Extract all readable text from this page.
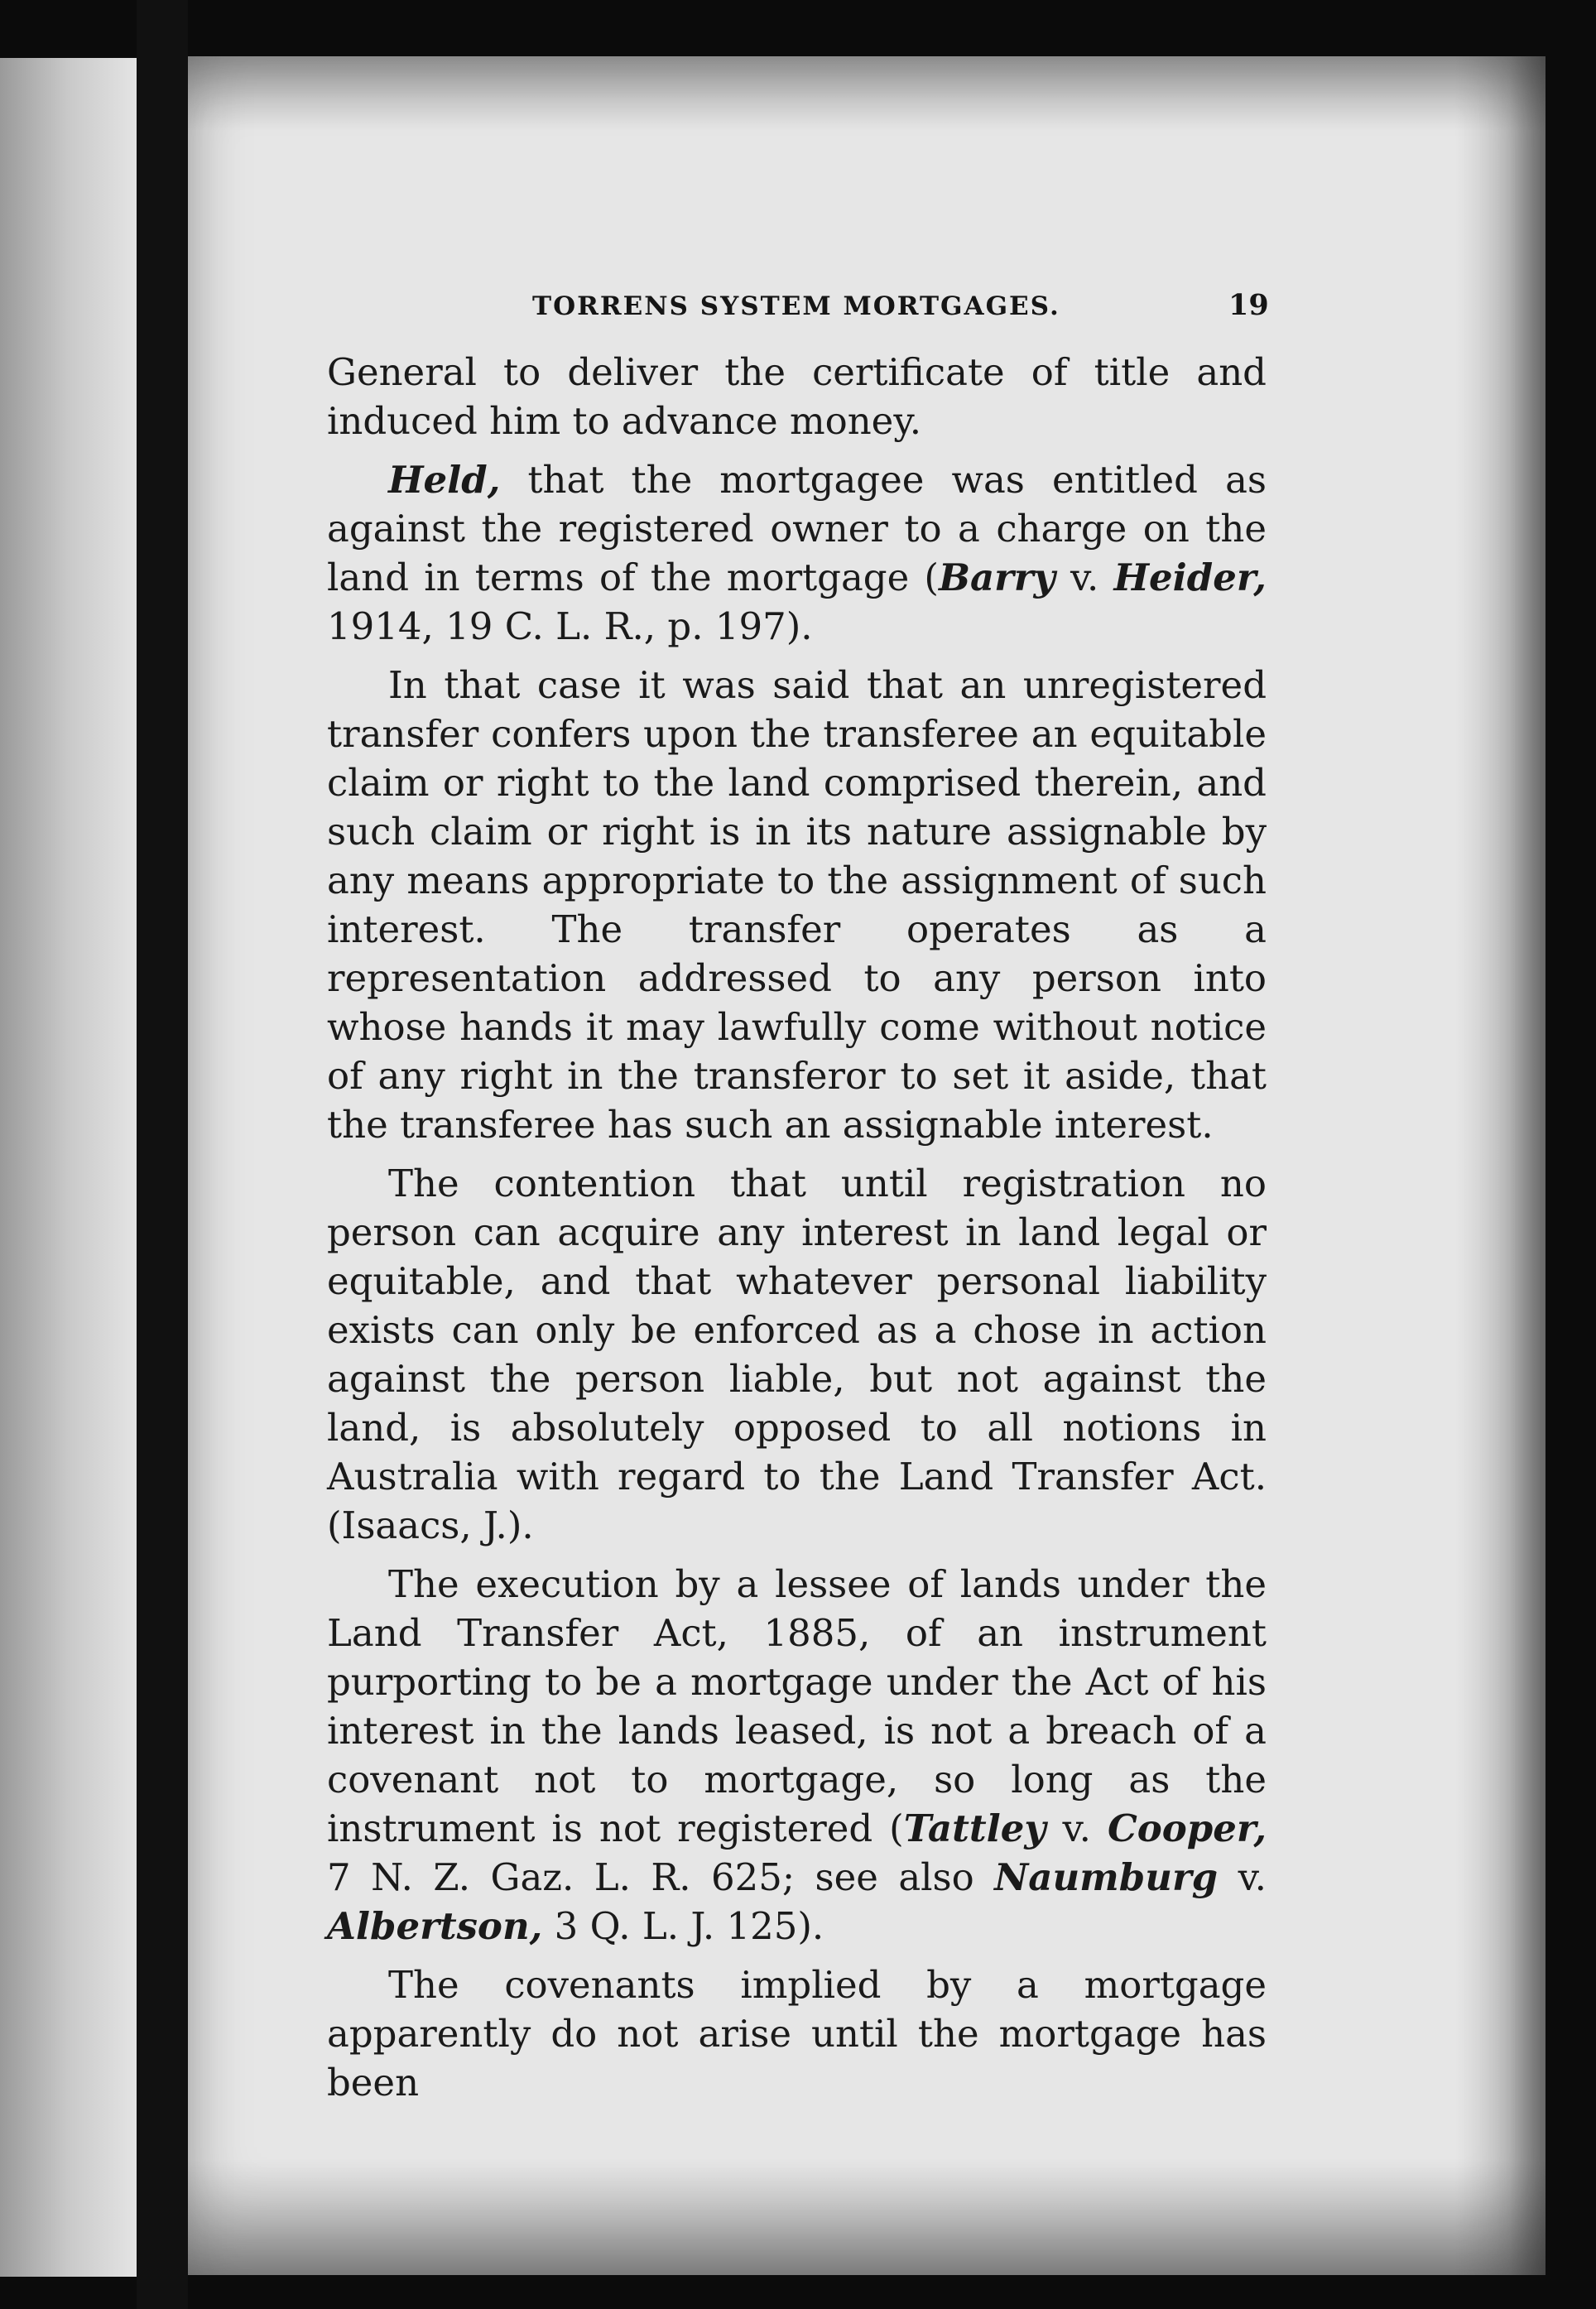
TORRENS SYSTEM MORTGAGES.	19

General to deliver the certificate of title and induced him to advance money.

Held, that the mortgagee was entitled as against the registered owner to a charge on the land in terms of the mortgage (Barry v. Heider, 1914, 19 C. L. R., p. 197).

In that case it was said that an unregistered transfer confers upon the transferee an equitable claim or right to the land comprised therein, and such claim or right is in its nature assignable by any means appropriate to the assignment of such interest. The transfer operates as a representation addressed to any person into whose hands it may lawfully come without notice of any right in the transferor to set it aside, that the transferee has such an assignable interest.

The contention that until registration no person can acquire any interest in land legal or equitable, and that whatever personal liability exists can only be enforced as a chose in action against the person liable, but not against the land, is absolutely opposed to all notions in Australia with regard to the Land Transfer Act. (Isaacs, J.).

The execution by a lessee of lands under the Land Transfer Act, 1885, of an instrument purporting to be a mortgage under the Act of his interest in the lands leased, is not a breach of a covenant not to mortgage, so long as the instrument is not registered (Tattley v. Cooper, 7 N. Z. Gaz. L. R. 625; see also Naumburg v. Albertson, 3 Q. L. J. 125).

The covenants implied by a mortgage apparently do not arise until the mortgage has been
